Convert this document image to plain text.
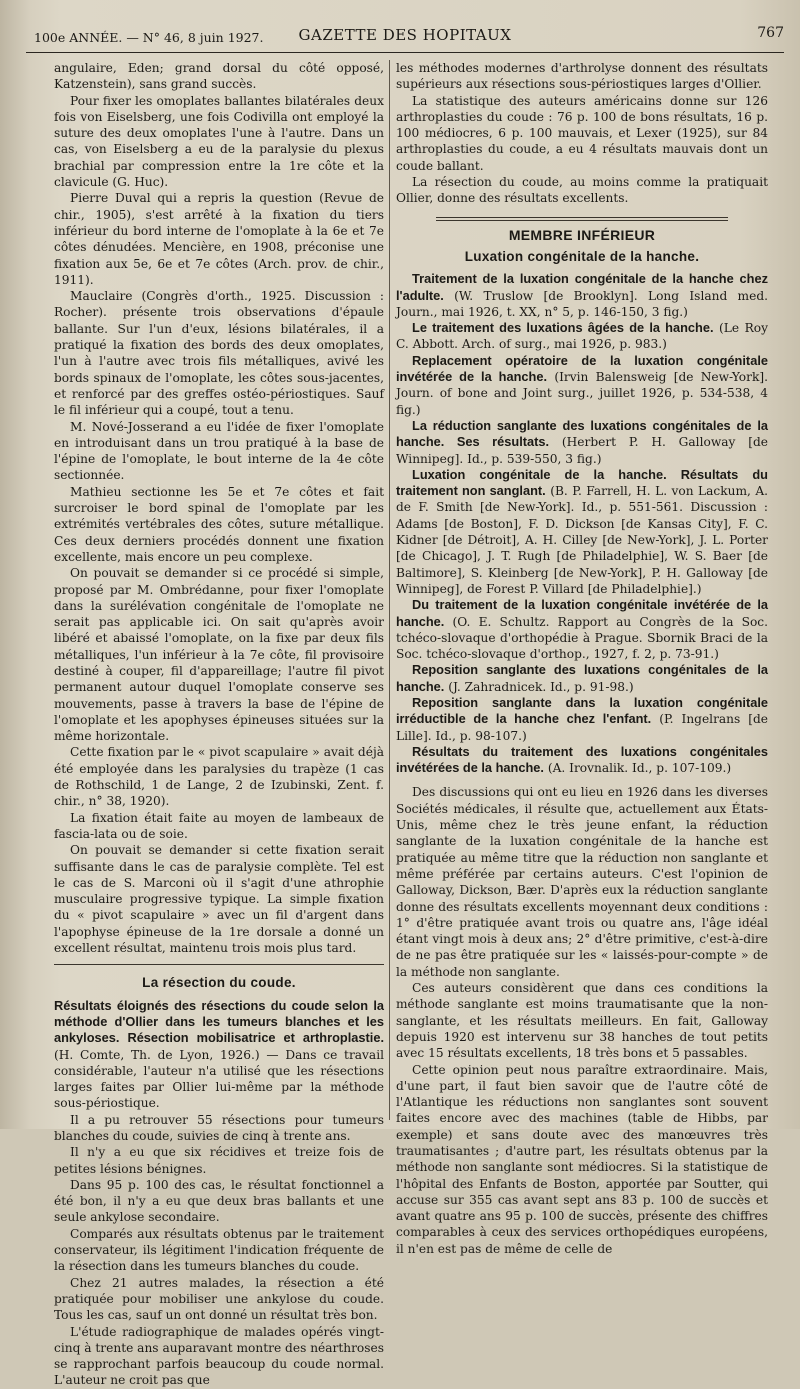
100e ANNÉE. — N° 46, 8 juin 1927.	GAZETTE DES HOPITAUX	767

angulaire, Eden; grand dorsal du côté opposé, Katzenstein), sans grand succès.

Pour fixer les omoplates ballantes bilatérales deux fois von Eiselsberg, une fois Codivilla ont employé la suture des deux omoplates l'une à l'autre. Dans un cas, von Eiselsberg a eu de la paralysie du plexus brachial par compression entre la 1re côte et la clavicule (G. Huc).

Pierre Duval qui a repris la question (Revue de chir., 1905), s'est arrêté à la fixation du tiers inférieur du bord interne de l'omoplate à la 6e et 7e côtes dénudées. Mencière, en 1908, préconise une fixation aux 5e, 6e et 7e côtes (Arch. prov. de chir., 1911).

Mauclaire (Congrès d'orth., 1925. Discussion : Rocher). présente trois observations d'épaule ballante. Sur l'un d'eux, lésions bilatérales, il a pratiqué la fixation des bords des deux omoplates, l'un à l'autre avec trois fils métalliques, avivé les bords spinaux de l'omoplate, les côtes sous-jacentes, et renforcé par des greffes ostéo-périostiques. Sauf le fil inférieur qui a coupé, tout a tenu.

M. Nové-Josserand a eu l'idée de fixer l'omoplate en introduisant dans un trou pratiqué à la base de l'épine de l'omoplate, le bout interne de la 4e côte sectionnée.

Mathieu sectionne les 5e et 7e côtes et fait surcroiser le bord spinal de l'omoplate par les extrémités vertébrales des côtes, suture métallique. Ces deux derniers procédés donnent une fixation excellente, mais encore un peu complexe.

On pouvait se demander si ce procédé si simple, proposé par M. Ombrédanne, pour fixer l'omoplate dans la surélévation congénitale de l'omoplate ne serait pas applicable ici. On sait qu'après avoir libéré et abaissé l'omoplate, on la fixe par deux fils métalliques, l'un inférieur à la 7e côte, fil provisoire destiné à couper, fil d'appareillage; l'autre fil pivot permanent autour duquel l'omoplate conserve ses mouvements, passe à travers la base de l'épine de l'omoplate et les apophyses épineuses situées sur la même horizontale.

Cette fixation par le « pivot scapulaire » avait déjà été employée dans les paralysies du trapèze (1 cas de Rothschild, 1 de Lange, 2 de Izubinski, Zent. f. chir., n° 38, 1920).

La fixation était faite au moyen de lambeaux de fascia-lata ou de soie.

On pouvait se demander si cette fixation serait suffisante dans le cas de paralysie complète. Tel est le cas de S. Marconi où il s'agit d'une athrophie musculaire progressive typique. La simple fixation du « pivot scapulaire » avec un fil d'argent dans l'apophyse épineuse de la 1re dorsale a donné un excellent résultat, maintenu trois mois plus tard.

La résection du coude.

Résultats éloignés des résections du coude selon la méthode d'Ollier dans les tumeurs blanches et les ankyloses. Résection mobilisatrice et arthroplastie. (H. Comte, Th. de Lyon, 1926.) — Dans ce travail considérable, l'auteur n'a utilisé que les résections larges faites par Ollier lui-même par la méthode sous-périostique.

Il a pu retrouver 55 résections pour tumeurs blanches du coude, suivies de cinq à trente ans.

Il n'y a eu que six récidives et treize fois de petites lésions bénignes.

Dans 95 p. 100 des cas, le résultat fonctionnel a été bon, il n'y a eu que deux bras ballants et une seule ankylose secondaire.

Comparés aux résultats obtenus par le traitement conservateur, ils légitiment l'indication fréquente de la résection dans les tumeurs blanches du coude.

Chez 21 autres malades, la résection a été pratiquée pour mobiliser une ankylose du coude. Tous les cas, sauf un ont donné un résultat très bon.

L'étude radiographique de malades opérés vingt-cinq à trente ans auparavant montre des néarthroses se rapprochant parfois beaucoup du coude normal. L'auteur ne croit pas que

les méthodes modernes d'arthrolyse donnent des résultats supérieurs aux résections sous-périostiques larges d'Ollier.

La statistique des auteurs américains donne sur 126 arthroplasties du coude : 76 p. 100 de bons résultats, 16 p. 100 médiocres, 6 p. 100 mauvais, et Lexer (1925), sur 84 arthroplasties du coude, a eu 4 résultats mauvais dont un coude ballant.

La résection du coude, au moins comme la pratiquait Ollier, donne des résultats excellents.

MEMBRE INFÉRIEUR
Luxation congénitale de la hanche.

Traitement de la luxation congénitale de la hanche chez l'adulte. (W. Truslow [de Brooklyn]. Long Island med. Journ., mai 1926, t. XX, n° 5, p. 146-150, 3 fig.)

Le traitement des luxations âgées de la hanche. (Le Roy C. Abbott. Arch. of surg., mai 1926, p. 983.)

Replacement opératoire de la luxation congénitale invétérée de la hanche. (Irvin Balensweig [de New-York]. Journ. of bone and Joint surg., juillet 1926, p. 534-538, 4 fig.)

La réduction sanglante des luxations congénitales de la hanche. Ses résultats. (Herbert P. H. Galloway [de Winnipeg]. Id., p. 539-550, 3 fig.)

Luxation congénitale de la hanche. Résultats du traitement non sanglant. (B. P. Farrell, H. L. von Lackum, A. de F. Smith [de New-York]. Id., p. 551-561. Discussion : Adams [de Boston], F. D. Dickson [de Kansas City], F. C. Kidner [de Détroit], A. H. Cilley [de New-York], J. L. Porter [de Chicago], J. T. Rugh [de Philadelphie], W. S. Baer [de Baltimore], S. Kleinberg [de New-York], P. H. Galloway [de Winnipeg], de Forest P. Villard [de Philadelphie].)

Du traitement de la luxation congénitale invétérée de la hanche. (O. E. Schultz. Rapport au Congrès de la Soc. tchéco-slovaque d'orthopédie à Prague. Sbornik Braci de la Soc. tchéco-slovaque d'orthop., 1927, f. 2, p. 73-91.)

Reposition sanglante des luxations congénitales de la hanche. (J. Zahradnicek. Id., p. 91-98.)

Reposition sanglante dans la luxation congénitale irréductible de la hanche chez l'enfant. (P. Ingelrans [de Lille]. Id., p. 98-107.)

Résultats du traitement des luxations congénitales invétérées de la hanche. (A. Irovnalik. Id., p. 107-109.)

Des discussions qui ont eu lieu en 1926 dans les diverses Sociétés médicales, il résulte que, actuellement aux États-Unis, même chez le très jeune enfant, la réduction sanglante de la luxation congénitale de la hanche est pratiquée au même titre que la réduction non sanglante et même préférée par certains auteurs. C'est l'opinion de Galloway, Dickson, Bær. D'après eux la réduction sanglante donne des résultats excellents moyennant deux conditions : 1° d'être pratiquée avant trois ou quatre ans, l'âge idéal étant vingt mois à deux ans; 2° d'être primitive, c'est-à-dire de ne pas être pratiquée sur les « laissés-pour-compte » de la méthode non sanglante.

Ces auteurs considèrent que dans ces conditions la méthode sanglante est moins traumatisante que la non-sanglante, et les résultats meilleurs. En fait, Galloway depuis 1920 est intervenu sur 38 hanches de tout petits avec 15 résultats excellents, 18 très bons et 5 passables.

Cette opinion peut nous paraître extraordinaire. Mais, d'une part, il faut bien savoir que de l'autre côté de l'Atlantique les réductions non sanglantes sont souvent faites encore avec des machines (table de Hibbs, par exemple) et sans doute avec des manœuvres très traumatisantes ; d'autre part, les résultats obtenus par la méthode non sanglante sont médiocres. Si la statistique de l'hôpital des Enfants de Boston, apportée par Soutter, qui accuse sur 355 cas avant sept ans 83 p. 100 de succès et avant quatre ans 95 p. 100 de succès, présente des chiffres comparables à ceux des services orthopédiques européens, il n'en est pas de même de celle de
